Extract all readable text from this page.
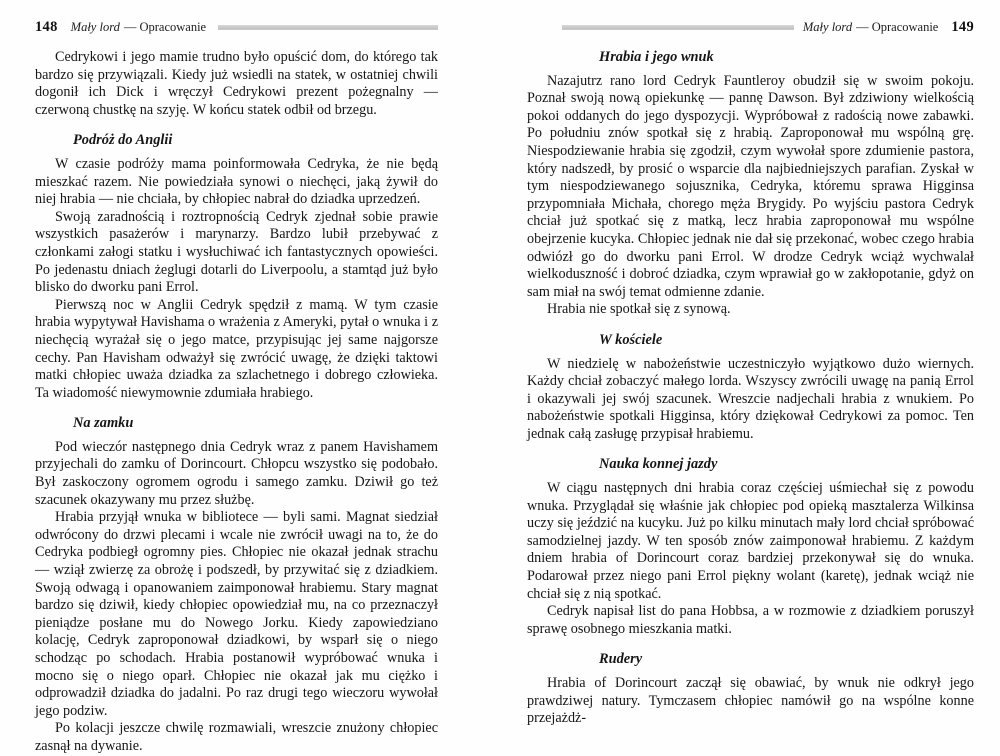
148 Mały lord — Opracowanie

Cedrykowi i jego mamie trudno było opuścić dom, do którego tak bardzo się przywiązali. Kiedy już wsiedli na statek, w ostatniej chwili dogonił ich Dick i wręczył Cedrykowi prezent pożegnalny — czerwoną chustkę na szyję. W końcu statek odbił od brzegu.

Podróż do Anglii

W czasie podróży mama poinformowała Cedryka, że nie będą mieszkać razem. Nie powiedziała synowi o niechęci, jaką żywił do niej hrabia — nie chciała, by chłopiec nabrał do dziadka uprzedzeń.

Swoją zaradnością i roztropnością Cedryk zjednał sobie prawie wszystkich pasażerów i marynarzy. Bardzo lubił przebywać z członkami załogi statku i wysłuchiwać ich fantastycznych opowieści. Po jedenastu dniach żeglugi dotarli do Liverpoolu, a stamtąd już było blisko do dworku pani Errol.

Pierwszą noc w Anglii Cedryk spędził z mamą. W tym czasie hrabia wypytywał Havishama o wrażenia z Ameryki, pytał o wnuka i z niechęcią wyrażał się o jego matce, przypisując jej same najgorsze cechy. Pan Havisham odważył się zwrócić uwagę, że dzięki taktowi matki chłopiec uważa dziadka za szlachetnego i dobrego człowieka. Ta wiadomość niewymownie zdumiała hrabiego.

Na zamku

Pod wieczór następnego dnia Cedryk wraz z panem Havishamem przyjechali do zamku of Dorincourt. Chłopcu wszystko się podobało. Był zaskoczony ogromem ogrodu i samego zamku. Dziwił go też szacunek okazywany mu przez służbę.

Hrabia przyjął wnuka w bibliotece — byli sami. Magnat siedział odwrócony do drzwi plecami i wcale nie zwrócił uwagi na to, że do Cedryka podbiegł ogromny pies. Chłopiec nie okazał jednak strachu — wziął zwierzę za obrożę i podszedł, by przywitać się z dziadkiem. Swoją odwagą i opanowaniem zaimponował hrabiemu. Stary magnat bardzo się dziwił, kiedy chłopiec opowiedział mu, na co przeznaczył pieniądze posłane mu do Nowego Jorku. Kiedy zapowiedziano kolację, Cedryk zaproponował dziadkowi, by wsparł się o niego schodząc po schodach. Hrabia postanowił wypróbować wnuka i mocno się o niego oparł. Chłopiec nie okazał jak mu ciężko i odprowadził dziadka do jadalni. Po raz drugi tego wieczoru wywołał jego podziw.

Po kolacji jeszcze chwilę rozmawiali, wreszcie znużony chłopiec zasnął na dywanie.

Mały lord — Opracowanie 149
Hrabia i jego wnuk

Nazajutrz rano lord Cedryk Fauntleroy obudził się w swoim pokoju. Poznał swoją nową opiekunkę — pannę Dawson. Był zdziwiony wielkością pokoi oddanych do jego dyspozycji. Wypróbował z radością nowe zabawki. Po południu znów spotkał się z hrabią. Zaproponował mu wspólną grę. Niespodziewanie hrabia się zgodził, czym wywołał spore zdumienie pastora, który nadszedł, by prosić o wsparcie dla najbiedniejszych parafian. Zyskał w tym niespodziewanego sojusznika, Cedryka, któremu sprawa Higginsa przypomniała Michała, chorego męża Brygidy. Po wyjściu pastora Cedryk chciał już spotkać się z matką, lecz hrabia zaproponował mu wspólne obejrzenie kucyka. Chłopiec jednak nie dał się przekonać, wobec czego hrabia odwiózł go do dworku pani Errol. W drodze Cedryk wciąż wychwalał wielkoduszność i dobroć dziadka, czym wprawiał go w zakłopotanie, gdyż on sam miał na swój temat odmienne zdanie.

Hrabia nie spotkał się z synową.

W kościele

W niedzielę w nabożeństwie uczestniczyło wyjątkowo dużo wiernych. Każdy chciał zobaczyć małego lorda. Wszyscy zwrócili uwagę na panią Errol i okazywali jej swój szacunek. Wreszcie nadjechali hrabia z wnukiem. Po nabożeństwie spotkali Higginsa, który dziękował Cedrykowi za pomoc. Ten jednak całą zasługę przypisał hrabiemu.

Nauka konnej jazdy

W ciągu następnych dni hrabia coraz częściej uśmiechał się z powodu wnuka. Przyglądał się właśnie jak chłopiec pod opieką masztalerza Wilkinsa uczy się jeździć na kucyku. Już po kilku minutach mały lord chciał spróbować samodzielnej jazdy. W ten sposób znów zaimponował hrabiemu. Z każdym dniem hrabia of Dorincourt coraz bardziej przekonywał się do wnuka. Podarował przez niego pani Errol piękny wolant (karetę), jednak wciąż nie chciał się z nią spotkać.

Cedryk napisał list do pana Hobbsa, a w rozmowie z dziadkiem poruszył sprawę osobnego mieszkania matki.

Rudery

Hrabia of Dorincourt zaczął się obawiać, by wnuk nie odkrył jego prawdziwej natury. Tymczasem chłopiec namówił go na wspólne konne przejażdż-
